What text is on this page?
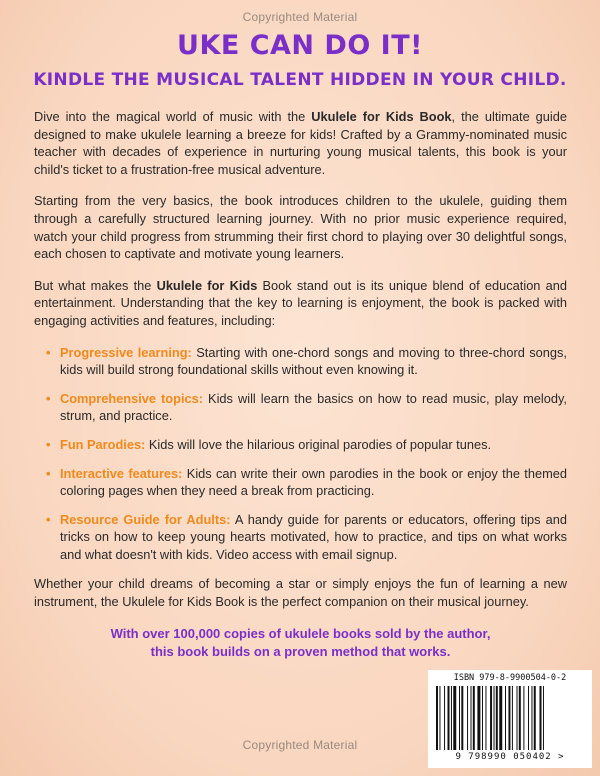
Copyrighted Material
UKE CAN DO IT!
KINDLE THE MUSICAL TALENT HIDDEN IN YOUR CHILD.

Dive into the magical world of music with the Ukulele for Kids Book, the ultimate guide designed to make ukulele learning a breeze for kids! Crafted by a Grammy-nominated music teacher with decades of experience in nurturing young musical talents, this book is your child's ticket to a frustration-free musical adventure.

Starting from the very basics, the book introduces children to the ukulele, guiding them through a carefully structured learning journey. With no prior music experience required, watch your child progress from strumming their first chord to playing over 30 delightful songs, each chosen to captivate and motivate young learners.

But what makes the Ukulele for Kids Book stand out is its unique blend of education and entertainment. Understanding that the key to learning is enjoyment, the book is packed with engaging activities and features, including:

• Progressive learning: Starting with one-chord songs and moving to three-chord songs, kids will build strong foundational skills without even knowing it.
• Comprehensive topics: Kids will learn the basics on how to read music, play melody, strum, and practice.
• Fun Parodies: Kids will love the hilarious original parodies of popular tunes.
• Interactive features: Kids can write their own parodies in the book or enjoy the themed coloring pages when they need a break from practicing.
• Resource Guide for Adults: A handy guide for parents or educators, offering tips and tricks on how to keep young hearts motivated, how to practice, and tips on what works and what doesn't with kids. Video access with email signup.

Whether your child dreams of becoming a star or simply enjoys the fun of learning a new instrument, the Ukulele for Kids Book is the perfect companion on their musical journey.

With over 100,000 copies of ukulele books sold by the author,
this book builds on a proven method that works.
Copyrighted Material
ISBN 979-8-9900504-0-2
9 798990 050402 >
